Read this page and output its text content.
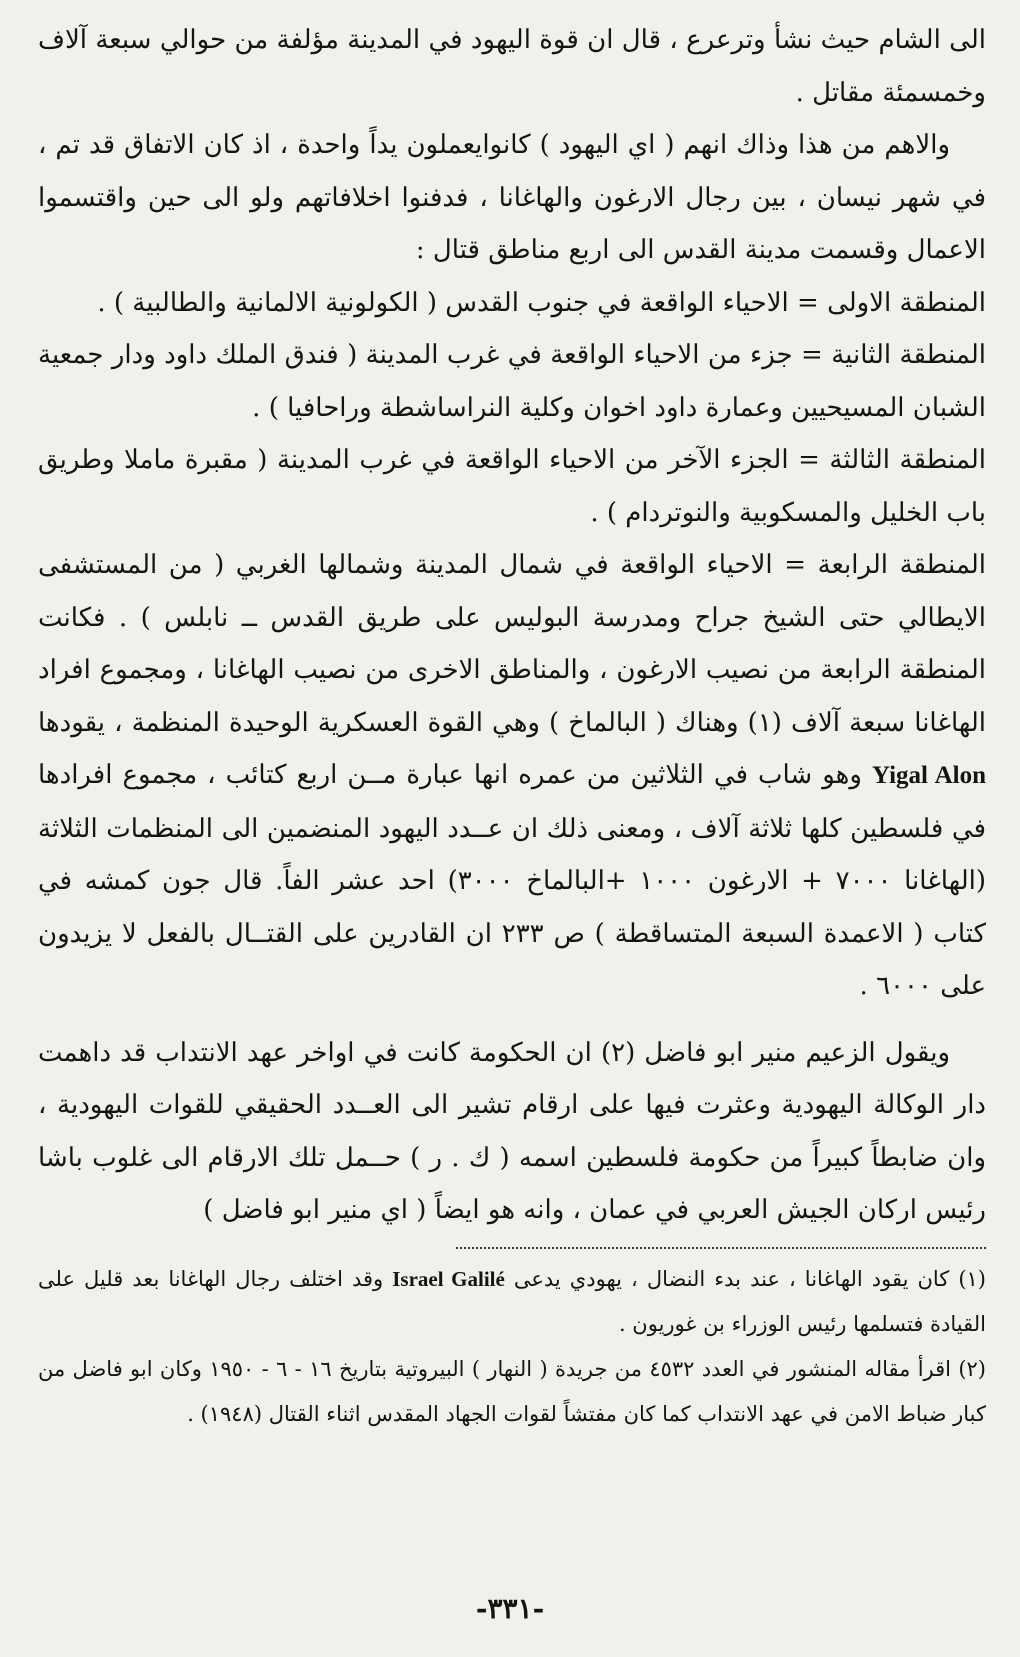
الى الشام حيث نشأ وترعرع ، قال ان قوة اليهود في المدينة مؤلفة من حوالي سبعة آلاف وخمسمئة مقاتل .

والاهم من هذا وذاك انهم ( اي اليهود ) كانوايعملون يداً واحدة ، اذ كان الاتفاق قد تم ، في شهر نيسان ، بين رجال الارغون والهاغانا ، فدفنوا اخلافاتهم ولو الى حين واقتسموا الاعمال وقسمت مدينة القدس الى اربع مناطق قتال :

المنطقة الاولى = الاحياء الواقعة في جنوب القدس ( الكولونية الالمانية والطالبية ) .

المنطقة الثانية = جزء من الاحياء الواقعة في غرب المدينة ( فندق الملك داود ودار جمعية الشبان المسيحيين وعمارة داود اخوان وكلية النراساشطة وراحافيا ) .

المنطقة الثالثة = الجزء الآخر من الاحياء الواقعة في غرب المدينة ( مقبرة ماملا وطريق باب الخليل والمسكوبية والنوتردام ) .

المنطقة الرابعة = الاحياء الواقعة في شمال المدينة وشمالها الغربي ( من المستشفى الايطالي حتى الشيخ جراح ومدرسة البوليس على طريق القدس ــ نابلس ) . فكانت المنطقة الرابعة من نصيب الارغون ، والمناطق الاخرى من نصيب الهاغانا ، ومجموع افراد الهاغانا سبعة آلاف (١) وهناك ( البالماخ ) وهي القوة العسكرية الوحيدة المنظمة ، يقودها Yigal Alon وهو شاب في الثلاثين من عمره انها عبارة مــن اربع كتائب ، مجموع افرادها في فلسطين كلها ثلاثة آلاف ، ومعنى ذلك ان عــدد اليهود المنضمين الى المنظمات الثلاثة (الهاغانا ٧٠٠٠ + الارغون ١٠٠٠ +البالماخ ٣٠٠٠) احد عشر الفاً. قال جون كمشه في كتاب ( الاعمدة السبعة المتساقطة ) ص ٢٣٣ ان القادرين على القتــال بالفعل لا يزيدون على ٦٠٠٠ .

ويقول الزعيم منير ابو فاضل (٢) ان الحكومة كانت في اواخر عهد الانتداب قد داهمت دار الوكالة اليهودية وعثرت فيها على ارقام تشير الى العــدد الحقيقي للقوات اليهودية ، وان ضابطاً كبيراً من حكومة فلسطين اسمه ( ك . ر ) حــمل تلك الارقام الى غلوب باشا رئيس اركان الجيش العربي في عمان ، وانه هو ايضاً ( اي منير ابو فاضل )

(١) كان يقود الهاغانا ، عند بدء النضال ، يهودي يدعى Israel Galilé وقد اختلف رجال الهاغانا بعد قليل على القيادة فتسلمها رئيس الوزراء بن غوريون .

(٢) اقرأ مقاله المنشور في العدد ٤٥٣٢ من جريدة ( النهار ) البيروتية بتاريخ ١٦ - ٦ - ١٩٥٠ وكان ابو فاضل من كبار ضباط الامن في عهد الانتداب كما كان مفتشاً لقوات الجهاد المقدس اثناء القتال (١٩٤٨) .

-٣٣١-
